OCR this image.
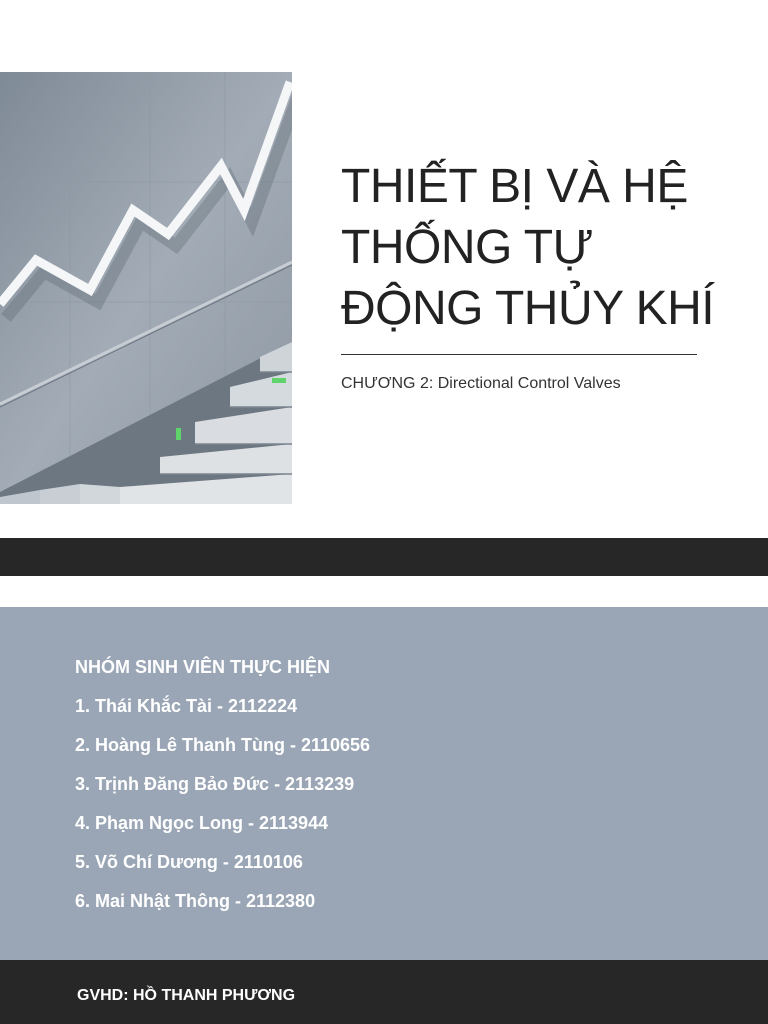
THIẾT BỊ VÀ HỆ THỐNG TỰ ĐỘNG THỦY KHÍ
CHƯƠNG 2: Directional Control Valves

NHÓM SINH VIÊN THỰC HIỆN

1. Thái Khắc Tài - 2112224
2. Hoàng Lê Thanh Tùng - 2110656
3. Trịnh Đăng Bảo Đức - 2113239
4. Phạm Ngọc Long - 2113944
5. Võ Chí Dương - 2110106
6. Mai Nhật Thông - 2112380
GVHD: HỒ THANH PHƯƠNG
